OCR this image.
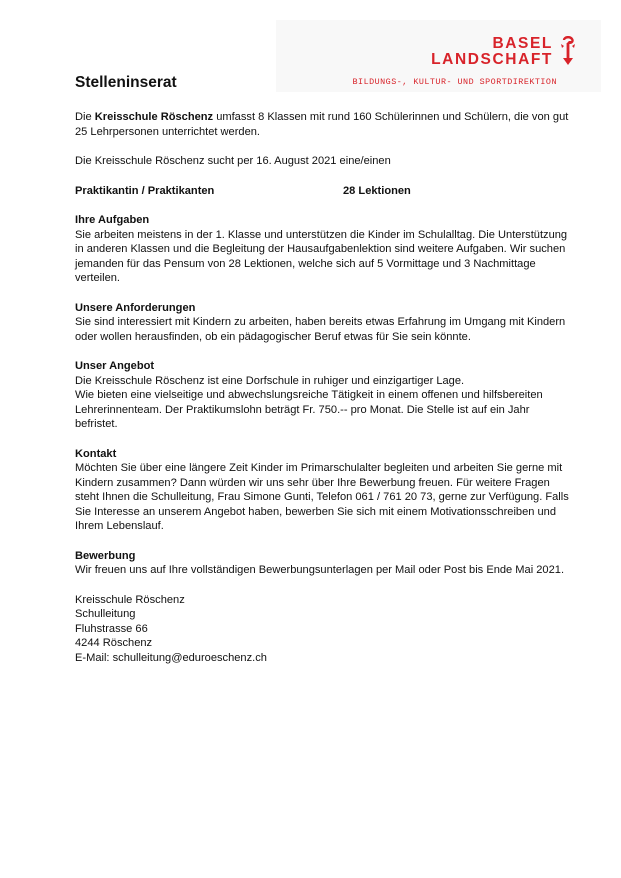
BASEL
LANDSCHAFT
BILDUNGS-, KULTUR- UND SPORTDIREKTION
Stelleninserat

Die Kreisschule Röschenz umfasst 8 Klassen mit rund 160 Schülerinnen und Schülern, die von gut 25 Lehrpersonen unterrichtet werden.

Die Kreisschule Röschenz sucht per 16. August 2021 eine/einen

Praktikantin / Praktikanten	28 Lektionen

Ihre Aufgaben

Sie arbeiten meistens in der 1. Klasse und unterstützen die Kinder im Schulalltag. Die Unterstützung in anderen Klassen und die Begleitung der Hausaufgabenlektion sind weitere Aufgaben. Wir suchen jemanden für das Pensum von 28 Lektionen, welche sich auf 5 Vormittage und 3 Nachmittage verteilen.

Unsere Anforderungen

Sie sind interessiert mit Kindern zu arbeiten, haben bereits etwas Erfahrung im Umgang mit Kindern oder wollen herausfinden, ob ein pädagogischer Beruf etwas für Sie sein könnte.

Unser Angebot

Die Kreisschule Röschenz ist eine Dorfschule in ruhiger und einzigartiger Lage.

Wie bieten eine vielseitige und abwechslungsreiche Tätigkeit in einem offenen und hilfsbereiten Lehrerinnenteam. Der Praktikumslohn beträgt Fr. 750.-- pro Monat. Die Stelle ist auf ein Jahr befristet.

Kontakt

Möchten Sie über eine längere Zeit Kinder im Primarschulalter begleiten und arbeiten Sie gerne mit Kindern zusammen? Dann würden wir uns sehr über Ihre Bewerbung freuen. Für weitere Fragen steht Ihnen die Schulleitung, Frau Simone Gunti, Telefon 061 / 761 20 73, gerne zur Verfügung. Falls Sie Interesse an unserem Angebot haben, bewerben Sie sich mit einem Motivationsschreiben und Ihrem Lebenslauf.

Bewerbung

Wir freuen uns auf Ihre vollständigen Bewerbungsunterlagen per Mail oder Post bis Ende Mai 2021.

Kreisschule Röschenz

Schulleitung

Fluhstrasse 66

4244 Röschenz

E-Mail: schulleitung@eduroeschenz.ch
